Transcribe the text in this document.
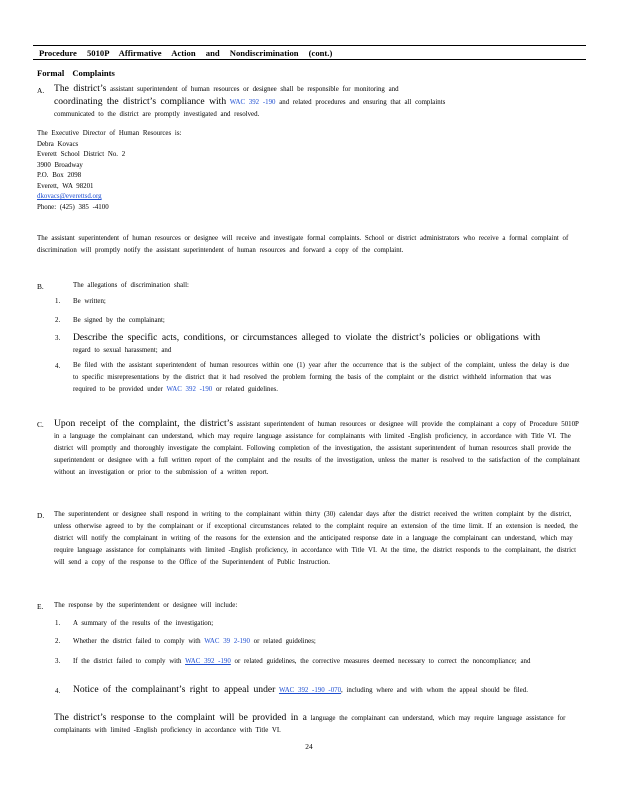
Procedure 5010P Affirmative Action and Nondiscrimination (cont.)
Formal Complaints
A. The district’s assistant superintendent of human resources or designee shall be responsible for monitoring and
coordinating the district’s compliance with WAC 392 -190 and related procedures and ensuring that all complaints
communicated to the district are promptly investigated and resolved.
The Executive Director of Human Resources is:
Debra Kovacs
Everett School District No. 2
3900 Broadway
P.O. Box 2098
Everett, WA 98201
dkovacs@everettsd.org
Phone: (425) 385 -4100
The assistant superintendent of human resources or designee will receive and investigate formal complaints. School or district administrators who receive a formal complaint of discrimination will promptly notify the assistant superintendent of human resources and forward a copy of the complaint.
B.	The allegations of discrimination shall:
1. Be written;
2. Be signed by the complainant;
3. Describe the specific acts, conditions, or circumstances alleged to violate the district’s policies or obligations with
regard to sexual harassment; and
4. Be filed with the assistant superintendent of human resources within one (1) year after the occurrence that is the subject of the complaint, unless the delay is due to specific misrepresentations by the district that it had resolved the problem forming the basis of the complaint or the district withheld information that was required to be provided under WAC 392 -190 or related guidelines.
C. Upon receipt of the complaint, the district’s assistant superintendent of human resources or designee will provide the complainant a copy of Procedure 5010P in a language the complainant can understand, which may require language assistance for complainants with limited -English proficiency, in accordance with Title VI. The district will promptly and thoroughly investigate the complaint. Following completion of the investigation, the assistant superintendent of human resources shall provide the superintendent or designee with a full written report of the complaint and the results of the investigation, unless the matter is resolved to the satisfaction of the complainant without an investigation or prior to the submission of a written report.
D. The superintendent or designee shall respond in writing to the complainant within thirty (30) calendar days after the district received the written complaint by the district, unless otherwise agreed to by the complainant or if exceptional circumstances related to the complaint require an extension of the time limit. If an extension is needed, the district will notify the complainant in writing of the reasons for the extension and the anticipated response date in a language the complainant can understand, which may require language assistance for complainants with limited -English proficiency, in accordance with Title VI. At the time, the district responds to the complainant, the district will send a copy of the response to the Office of the Superintendent of Public Instruction.
E. The response by the superintendent or designee will include:
1. A summary of the results of the investigation;
2. Whether the district failed to comply with WAC 39 2-190 or related guidelines;
3. If the district failed to comply with WAC 392 -190 or related guidelines, the corrective measures deemed necessary to correct the noncompliance; and
4. Notice of the complainant’s right to appeal under WAC 392 -190 -070, including where and with whom the appeal should be filed.
The district’s response to the complaint will be provided in a language the complainant can understand, which may require language assistance for complainants with limited -English proficiency in accordance with Title VI.
24
